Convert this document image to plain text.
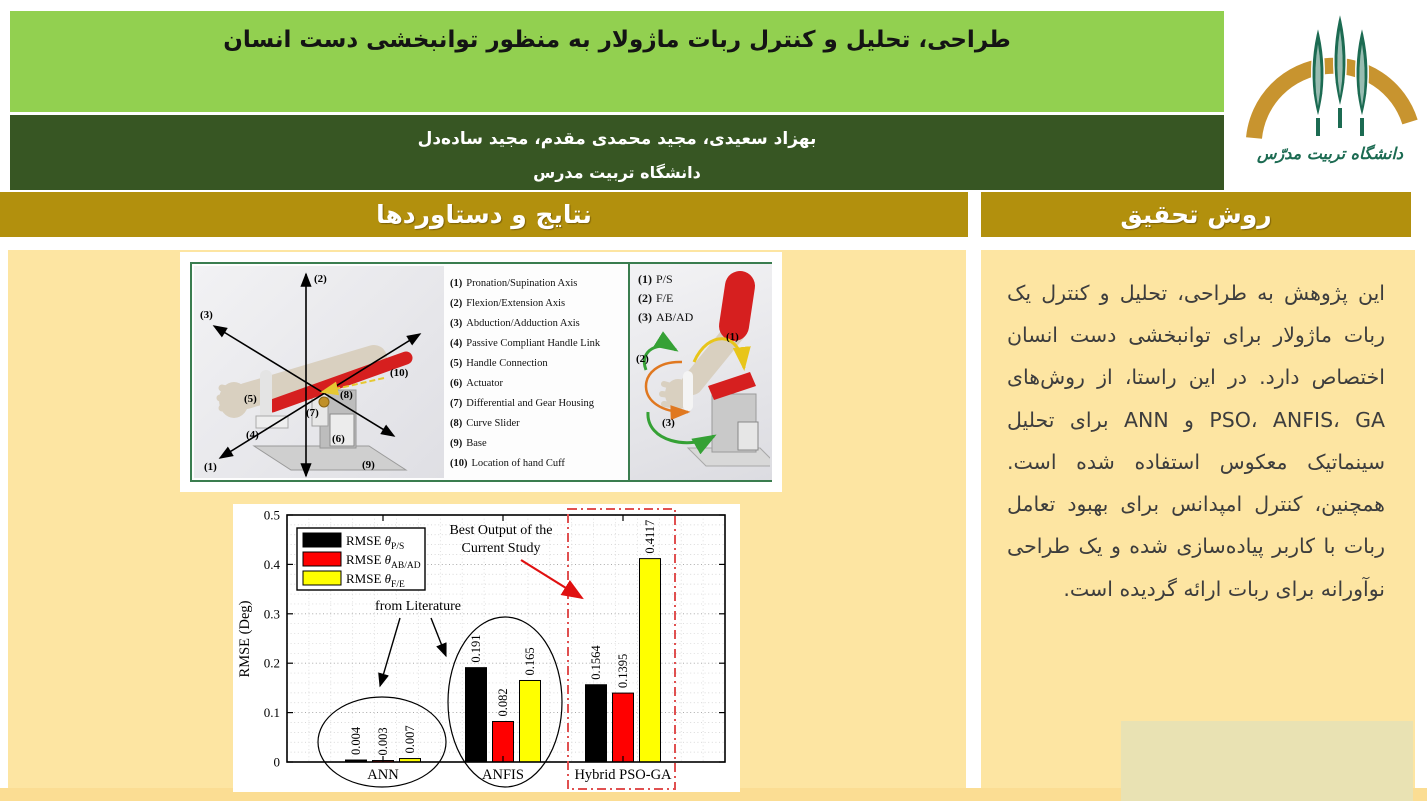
طراحی، تحلیل و کنترل ربات ماژولار به منظور توانبخشی دست انسان
بهزاد سعیدی، مجید محمدی مقدم، مجید ساده‌دل
دانشگاه تربیت مدرس
دانشگاه تربیت مدرّس
نتایج و دستاوردها	روش تحقیق
این پژوهش به طراحی، تحلیل و کنترل یک ربات ماژولار برای توانبخشی دست انسان اختصاص دارد. در این راستا، از روش‌های PSO، ANFIS، GA و ANN برای تحلیل سینماتیک معکوس استفاده شده است. همچنین، کنترل امپدانس برای بهبود تعامل ربات با کاربر پیاده‌سازی شده و یک طراحی نوآورانه برای ربات ارائه گردیده است.
(1)
(2)
(3)
(4)
(5)
(6)
(7)
(8)
(9)
(10)
(1) Pronation/Supination Axis
(2) Flexion/Extension Axis
(3) Abduction/Adduction Axis
(4) Passive Compliant Handle Link
(5) Handle Connection
(6) Actuator
(7) Differential and Gear Housing
(8) Curve Slider
(9) Base
(10) Location of hand Cuff
(1) P/S
(2) F/E
(3) AB/AD
(1)
(2)
(3)
0.004
0.191	0.1564
0.003
0.082
0.1395
0.007
0.165
0.4117
0
0.1
0.2
0.3
0.4
0.5
ANN	ANFIS	Hybrid PSO-GA
RMSE (Deg)
Best Output of the
Current Study
from Literature
RMSE $\theta_{P/S}$
RMSE $\theta_{AB/AD}$
RMSE $\theta_{F/E}$
